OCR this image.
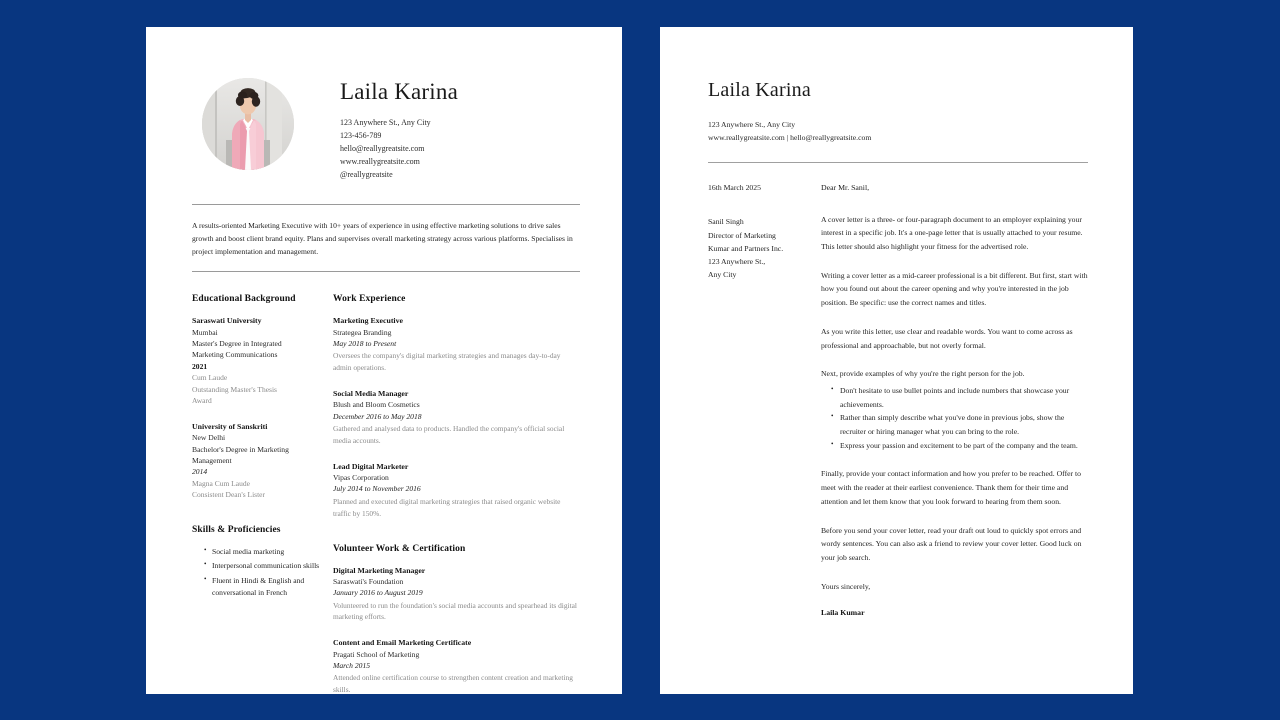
Laila Karina
123 Anywhere St., Any City
123-456-789
hello@reallygreatsite.com
www.reallygreatsite.com
@reallygreatsite

A results-oriented Marketing Executive with 10+ years of experience in using effective marketing solutions to drive sales growth and boost client brand equity. Plans and supervises overall marketing strategy across various platforms. Specialises in project implementation and management.

Educational Background
Saraswati University
Mumbai
Master's Degree in Integrated
Marketing Communications
2021
Cum Laude
Outstanding Master's Thesis
Award
University of Sanskriti
New Delhi
Bachelor's Degree in Marketing
Management
2014
Magna Cum Laude
Consistent Dean's Lister
Skills & Proficiencies
• Social media marketing
• Interpersonal communication skills
• Fluent in Hindi & English and conversational in French
Work Experience
Marketing Executive
Strategea Branding
May 2018 to Present
Oversees the company's digital marketing strategies and manages day-to-day admin operations.
Social Media Manager
Blush and Bloom Cosmetics
December 2016 to May 2018
Gathered and analysed data to products. Handled the company's official social media accounts.
Lead Digital Marketer
Vipas Corporation
July 2014 to November 2016
Planned and executed digital marketing strategies that raised organic website traffic by 150%.
Volunteer Work & Certification
Digital Marketing Manager
Saraswati's Foundation
January 2016 to August 2019
Volunteered to run the foundation's social media accounts and spearhead its digital marketing efforts.
Content and Email Marketing Certificate
Pragati School of Marketing
March 2015
Attended online certification course to strengthen content creation and marketing skills.
Laila Karina
123 Anywhere St., Any City
www.reallygreatsite.com | hello@reallygreatsite.com
16th March 2025
Sanil Singh
Director of Marketing
Kumar and Partners Inc.
123 Anywhere St.,
Any City
Dear Mr. Sanil,

A cover letter is a three- or four-paragraph document to an employer explaining your interest in a specific job. It's a one-page letter that is usually attached to your resume. This letter should also highlight your fitness for the advertised role.

Writing a cover letter as a mid-career professional is a bit different. But first, start with how you found out about the career opening and why you're interested in the job position. Be specific: use the correct names and titles.

As you write this letter, use clear and readable words. You want to come across as professional and approachable, but not overly formal.

Next, provide examples of why you're the right person for the job.

• Don't hesitate to use bullet points and include numbers that showcase your achievements.
• Rather than simply describe what you've done in previous jobs, show the recruiter or hiring manager what you can bring to the role.
• Express your passion and excitement to be part of the company and the team.

Finally, provide your contact information and how you prefer to be reached. Offer to meet with the reader at their earliest convenience. Thank them for their time and attention and let them know that you look forward to hearing from them soon.

Before you send your cover letter, read your draft out loud to quickly spot errors and wordy sentences. You can also ask a friend to review your cover letter. Good luck on your job search.

Yours sincerely,
Laila Kumar
